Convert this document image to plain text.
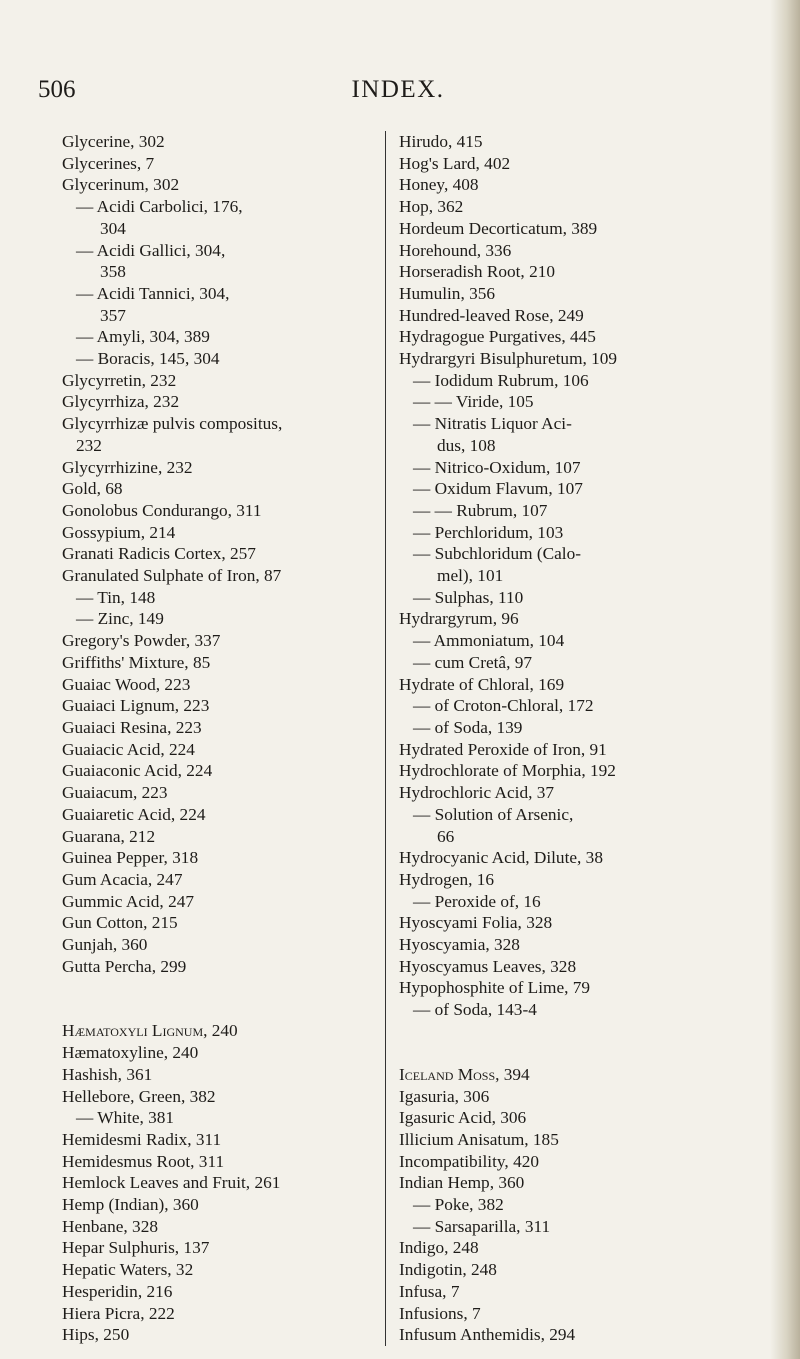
506	INDEX.
Glycerine, 302
Glycerines, 7
Glycerinum, 302
— Acidi Carbolici, 176,
304
— Acidi Gallici, 304,
358
— Acidi Tannici, 304,
357
— Amyli, 304, 389
— Boracis, 145, 304
Glycyrretin, 232
Glycyrrhiza, 232
Glycyrrhizæ pulvis compositus,
232
Glycyrrhizine, 232
Gold, 68
Gonolobus Condurango, 311
Gossypium, 214
Granati Radicis Cortex, 257
Granulated Sulphate of Iron, 87
— Tin, 148
— Zinc, 149
Gregory's Powder, 337
Griffiths' Mixture, 85
Guaiac Wood, 223
Guaiaci Lignum, 223
Guaiaci Resina, 223
Guaiacic Acid, 224
Guaiaconic Acid, 224
Guaiacum, 223
Guaiaretic Acid, 224
Guarana, 212
Guinea Pepper, 318
Gum Acacia, 247
Gummic Acid, 247
Gun Cotton, 215
Gunjah, 360
Gutta Percha, 299
Hæmatoxyli Lignum, 240
Hæmatoxyline, 240
Hashish, 361
Hellebore, Green, 382
— White, 381
Hemidesmi Radix, 311
Hemidesmus Root, 311
Hemlock Leaves and Fruit, 261
Hemp (Indian), 360
Henbane, 328
Hepar Sulphuris, 137
Hepatic Waters, 32
Hesperidin, 216
Hiera Picra, 222
Hips, 250
Hirudo, 415
Hog's Lard, 402
Honey, 408
Hop, 362
Hordeum Decorticatum, 389
Horehound, 336
Horseradish Root, 210
Humulin, 356
Hundred-leaved Rose, 249
Hydragogue Purgatives, 445
Hydrargyri Bisulphuretum, 109
— Iodidum Rubrum, 106
— — Viride, 105
— Nitratis Liquor Aci-
dus, 108
— Nitrico-Oxidum, 107
— Oxidum Flavum, 107
— — Rubrum, 107
— Perchloridum, 103
— Subchloridum (Calo-
mel), 101
— Sulphas, 110
Hydrargyrum, 96
— Ammoniatum, 104
— cum Cretâ, 97
Hydrate of Chloral, 169
— of Croton-Chloral, 172
— of Soda, 139
Hydrated Peroxide of Iron, 91
Hydrochlorate of Morphia, 192
Hydrochloric Acid, 37
— Solution of Arsenic,
66
Hydrocyanic Acid, Dilute, 38
Hydrogen, 16
— Peroxide of, 16
Hyoscyami Folia, 328
Hyoscyamia, 328
Hyoscyamus Leaves, 328
Hypophosphite of Lime, 79
— of Soda, 143-4
Iceland Moss, 394
Igasuria, 306
Igasuric Acid, 306
Illicium Anisatum, 185
Incompatibility, 420
Indian Hemp, 360
— Poke, 382
— Sarsaparilla, 311
Indigo, 248
Indigotin, 248
Infusa, 7
Infusions, 7
Infusum Anthemidis, 294
